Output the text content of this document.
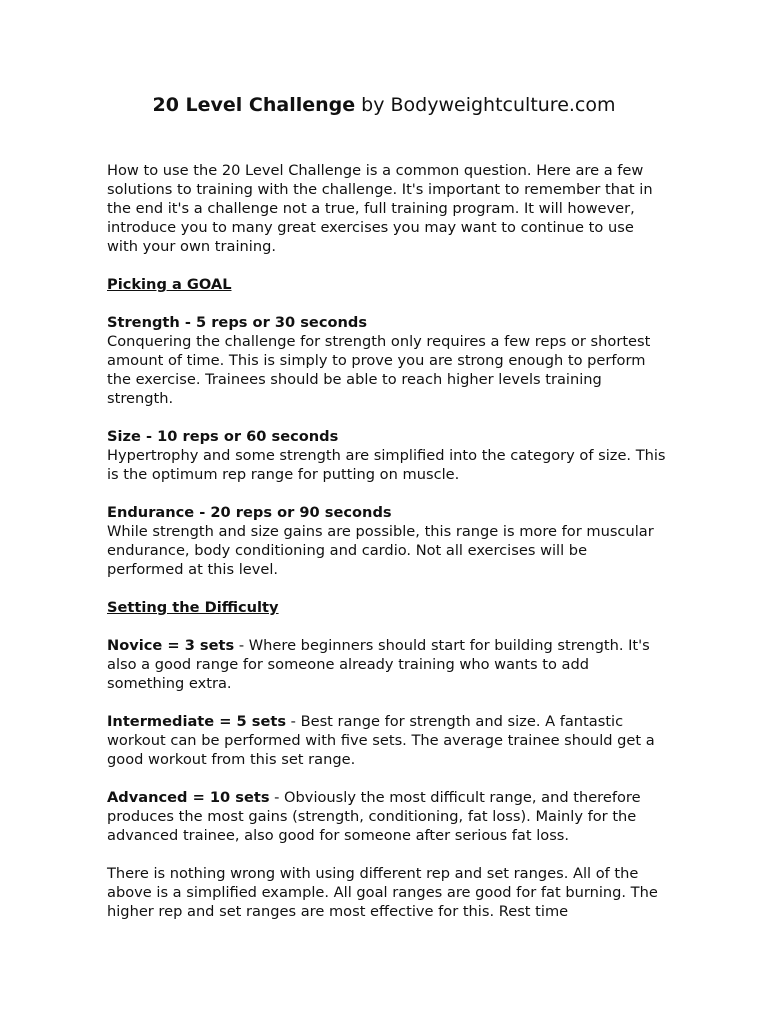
20 Level Challenge by Bodyweightculture.com

How to use the 20 Level Challenge is a common question. Here are a few solutions to training with the challenge. It's important to remember that in the end it's a challenge not a true, full training program. It will however, introduce you to many great exercises you may want to continue to use with your own training.

Picking a GOAL

Strength - 5 reps or 30 seconds

Conquering the challenge for strength only requires a few reps or shortest amount of time. This is simply to prove you are strong enough to perform the exercise. Trainees should be able to reach higher levels training strength.

Size - 10 reps or 60 seconds

Hypertrophy and some strength are simplified into the category of size. This is the optimum rep range for putting on muscle.

Endurance - 20 reps or 90 seconds

While strength and size gains are possible, this range is more for muscular endurance, body conditioning and cardio. Not all exercises will be performed at this level.

Setting the Difficulty

Novice = 3 sets - Where beginners should start for building strength. It's also a good range for someone already training who wants to add something extra.

Intermediate = 5 sets - Best range for strength and size. A fantastic workout can be performed with five sets. The average trainee should get a good workout from this set range.

Advanced = 10 sets - Obviously the most difficult range, and therefore produces the most gains (strength, conditioning, fat loss). Mainly for the advanced trainee, also good for someone after serious fat loss.

There is nothing wrong with using different rep and set ranges. All of the above is a simplified example. All goal ranges are good for fat burning. The higher rep and set ranges are most effective for this. Rest time
